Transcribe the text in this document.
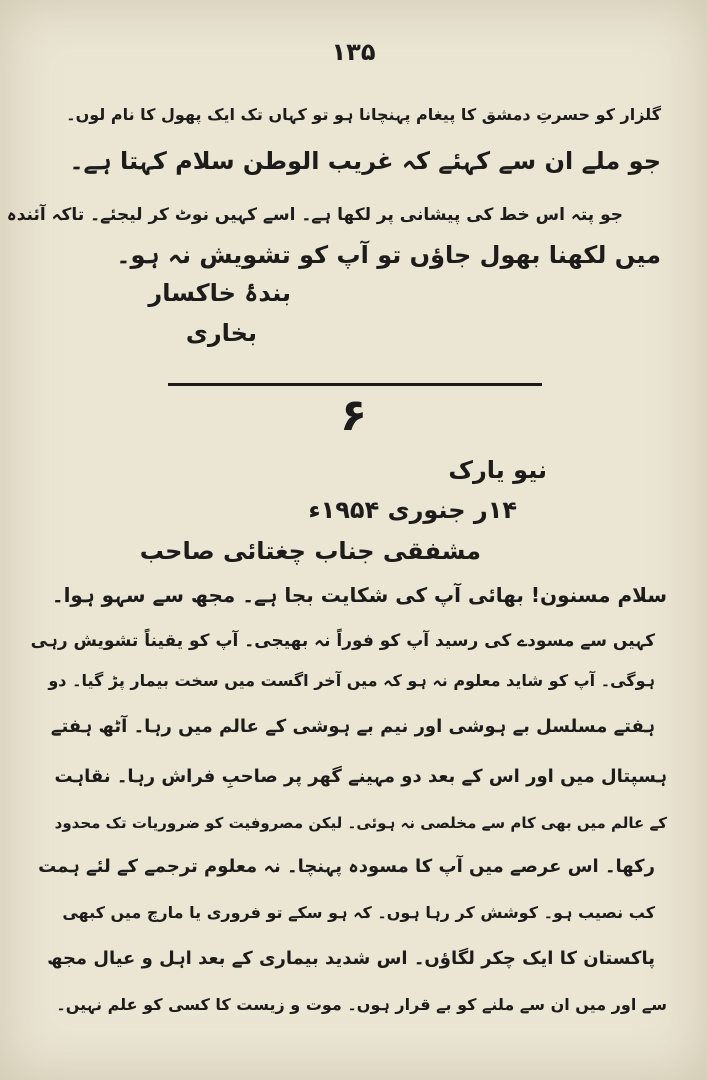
۱۳۵
گلزار کو حسرتِ دمشق کا پیغام پہنچانا ہو تو کہاں تک ایک پھول کا نام لوں۔
جو ملے ان سے کہئے کہ غریب الوطن سلام کہتا ہے۔
جو پتہ اس خط کی پیشانی پر لکھا ہے۔ اسے کہیں نوٹ کر لیجئے۔ تاکہ آئندہ
میں لکھنا بھول جاؤں تو آپ کو تشویش نہ ہو۔
بندۂ خاکسار
بخاری
۶
نیو یارک
۱۴ر جنوری ۱۹۵۴ء
مشفقی جناب چغتائی صاحب
سلام مسنون! بھائی آپ کی شکایت بجا ہے۔ مجھ سے سہو ہوا۔
کہیں سے مسودے کی رسید آپ کو فوراً نہ بھیجی۔ آپ کو یقیناً تشویش رہی
ہوگی۔ آپ کو شاید معلوم نہ ہو کہ میں آخر اگست میں سخت بیمار پڑ گیا۔ دو
ہفتے مسلسل بے ہوشی اور نیم بے ہوشی کے عالم میں رہا۔ آٹھ ہفتے
ہسپتال میں اور اس کے بعد دو مہینے گھر پر صاحبِ فراش رہا۔ نقاہت
کے عالم میں بھی کام سے مخلصی نہ ہوئی۔ لیکن مصروفیت کو ضروریات تک محدود
رکھا۔ اس عرصے میں آپ کا مسودہ پہنچا۔ نہ معلوم ترجمے کے لئے ہمت
کب نصیب ہو۔ کوشش کر رہا ہوں۔ کہ ہو سکے تو فروری یا مارچ میں کبھی
پاکستان کا ایک چکر لگاؤں۔ اس شدید بیماری کے بعد اہل و عیال مجھ
سے اور میں ان سے ملنے کو بے قرار ہوں۔ موت و زیست کا کسی کو علم نہیں۔
